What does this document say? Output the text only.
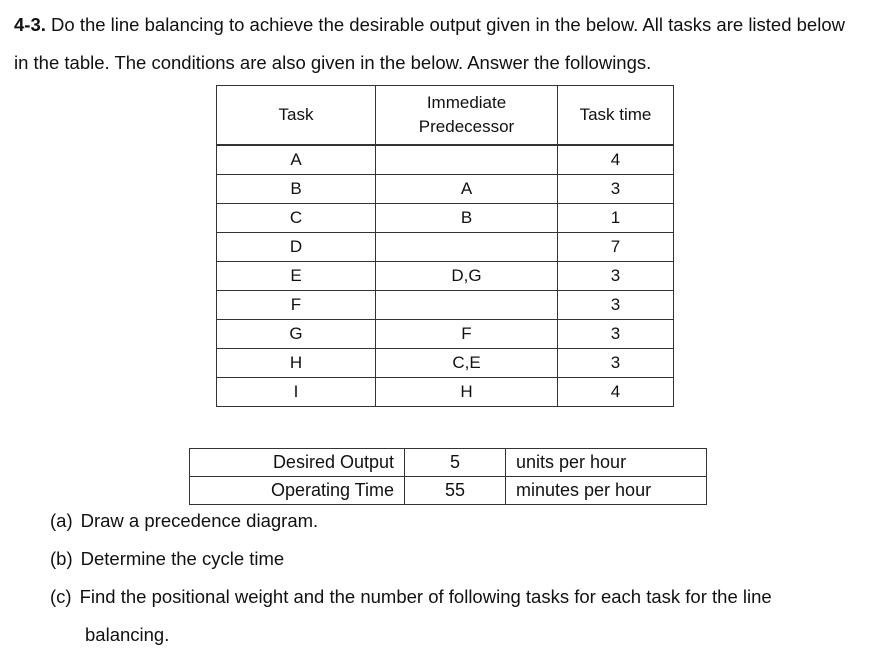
4-3. Do the line balancing to achieve the desirable output given in the below. All tasks are listed below in the table. The conditions are also given in the below. Answer the followings.
Task	Immediate Predecessor	Task time
A		4
B	A	3
C	B	1
D		7
E	D,G	3
F		3
G	F	3
H	C,E	3
I	H	4
Desired Output	5	units per hour
Operating Time	55	minutes per hour
(a) Draw a precedence diagram.
(b) Determine the cycle time
(c) Find the positional weight and the number of following tasks for each task for the line
balancing.
